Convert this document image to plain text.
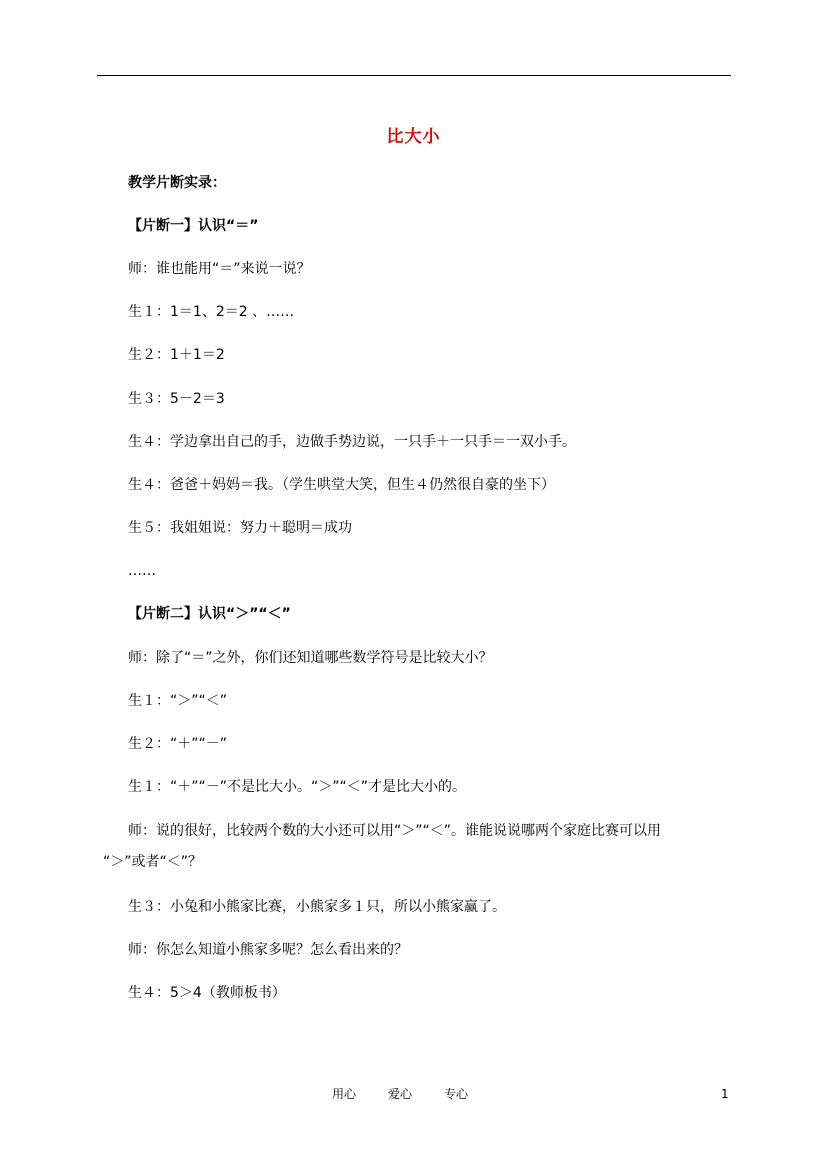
比大小
教学片断实录：
【片断一】认识“＝”
师：谁也能用“＝”来说一说？
生１：1＝1、2＝2 、……
生２：1＋1＝2
生３：5－2＝3
生４：学边拿出自己的手，边做手势边说，一只手＋一只手＝一双小手。
生４：爸爸＋妈妈＝我。（学生哄堂大笑，但生４仍然很自豪的坐下）
生５：我姐姐说：努力＋聪明＝成功
……
【片断二】认识“＞”“＜”
师：除了“＝”之外，你们还知道哪些数学符号是比较大小？
生１：“＞”“＜”
生２：“＋”“－”
生１：“＋”“－”不是比大小。“＞”“＜”才是比大小的。
师：说的很好，比较两个数的大小还可以用“＞”“＜”。谁能说说哪两个家庭比赛可以用
“＞”或者“＜”？
生３：小兔和小熊家比赛，小熊家多１只，所以小熊家赢了。
师：你怎么知道小熊家多呢？怎么看出来的？
生４：5＞4（教师板书）
用心	爱心	专心	1
